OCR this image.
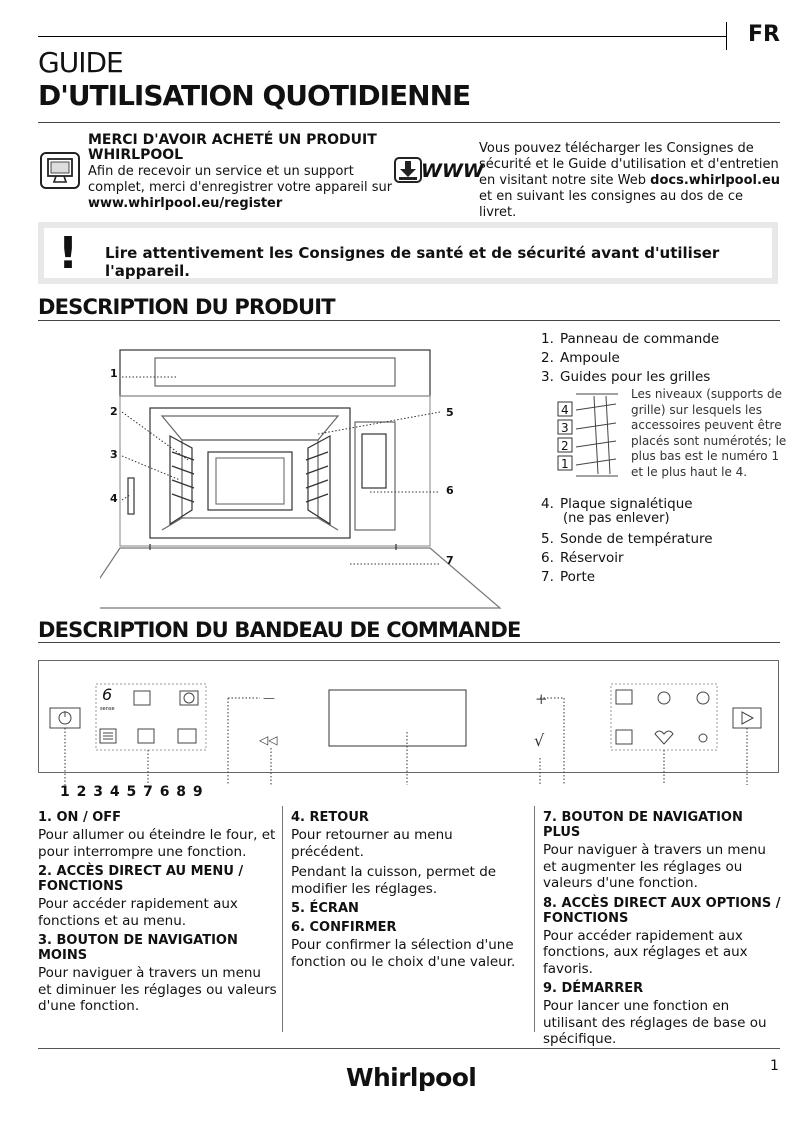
FR
GUIDE
D'UTILISATION QUOTIDIENNE
MERCI D'AVOIR ACHETÉ UN PRODUIT WHIRLPOOL
Afin de recevoir un service et un support complet, merci d'enregistrer votre appareil sur www.whirlpool.eu/register
WWW
Vous pouvez télécharger les Consignes de sécurité et le Guide d'utilisation et d'entretien en visitant notre site Web docs.whirlpool.eu et en suivant les consignes au dos de ce livret.
! Lire attentivement les Consignes de santé et de sécurité avant d'utiliser l'appareil.
DESCRIPTION DU PRODUIT
1
2
3
4
5
6
7
1. Panneau de commande
2. Ampoule
3. Guides pour les grilles
4. Plaque signalétique
(ne pas enlever)
5. Sonde de température
6. Réservoir
7. Porte
4
3
2
1
Les niveaux (supports de grille) sur lesquels les accessoires peuvent être placés sont numérotés; le plus bas est le numéro 1 et le plus haut le 4.
DESCRIPTION DU BANDEAU DE COMMANDE
6
sense
—
◁◁
+
√
1 2 3 4 5 7 6 8 9
1. ON / OFF

Pour allumer ou éteindre le four, et pour interrompre une fonction.

2. ACCÈS DIRECT AU MENU / FONCTIONS

Pour accéder rapidement aux fonctions et au menu.

3. BOUTON DE NAVIGATION MOINS

Pour naviguer à travers un menu et diminuer les réglages ou valeurs d'une fonction.

4. RETOUR

Pour retourner au menu précédent.

Pendant la cuisson, permet de modifier les réglages.

5. ÉCRAN
6. CONFIRMER

Pour confirmer la sélection d'une fonction ou le choix d'une valeur.

7. BOUTON DE NAVIGATION PLUS

Pour naviguer à travers un menu et augmenter les réglages ou valeurs d'une fonction.

8. ACCÈS DIRECT AUX OPTIONS / FONCTIONS

Pour accéder rapidement aux fonctions, aux réglages et aux favoris.

9. DÉMARRER

Pour lancer une fonction en utilisant des réglages de base ou spécifique.

1
Whirlpool
